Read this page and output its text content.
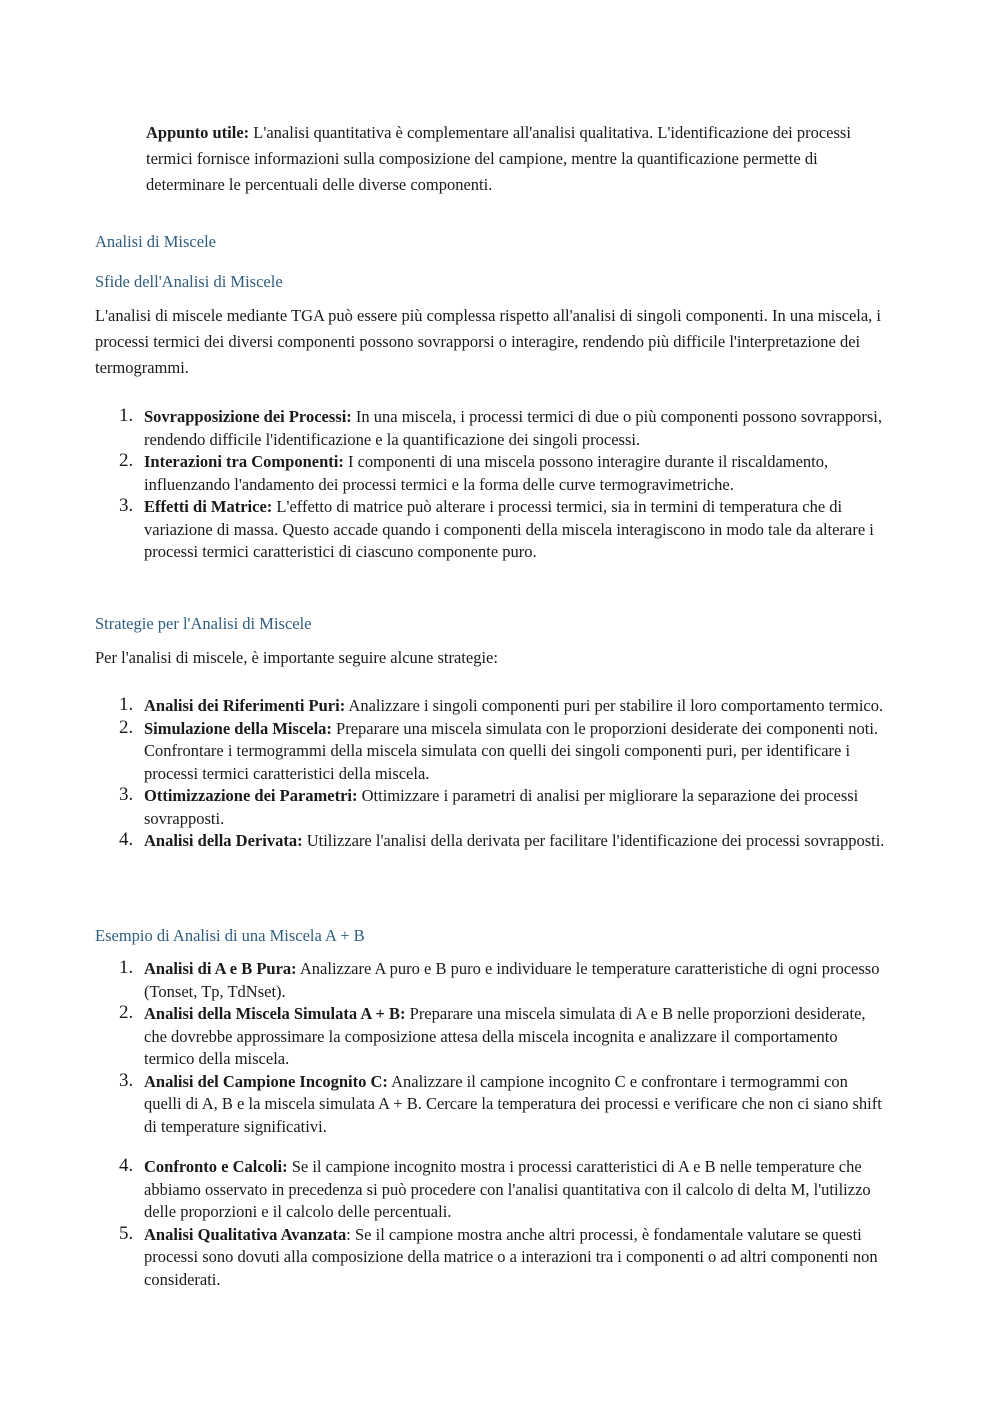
Appunto utile: L'analisi quantitativa è complementare all'analisi qualitativa. L'identificazione dei processi termici fornisce informazioni sulla composizione del campione, mentre la quantificazione permette di determinare le percentuali delle diverse componenti.
Analisi di Miscele
Sfide dell'Analisi di Miscele
L'analisi di miscele mediante TGA può essere più complessa rispetto all'analisi di singoli componenti. In una miscela, i processi termici dei diversi componenti possono sovrapporsi o interagire, rendendo più difficile l'interpretazione dei termogrammi.
1. Sovrapposizione dei Processi: In una miscela, i processi termici di due o più componenti possono sovrapporsi, rendendo difficile l'identificazione e la quantificazione dei singoli processi.
2. Interazioni tra Componenti: I componenti di una miscela possono interagire durante il riscaldamento, influenzando l'andamento dei processi termici e la forma delle curve termogravimetriche.
3. Effetti di Matrice: L'effetto di matrice può alterare i processi termici, sia in termini di temperatura che di variazione di massa. Questo accade quando i componenti della miscela interagiscono in modo tale da alterare i processi termici caratteristici di ciascuno componente puro.
Strategie per l'Analisi di Miscele
Per l'analisi di miscele, è importante seguire alcune strategie:
1. Analisi dei Riferimenti Puri: Analizzare i singoli componenti puri per stabilire il loro comportamento termico.
2. Simulazione della Miscela: Preparare una miscela simulata con le proporzioni desiderate dei componenti noti. Confrontare i termogrammi della miscela simulata con quelli dei singoli componenti puri, per identificare i processi termici caratteristici della miscela.
3. Ottimizzazione dei Parametri: Ottimizzare i parametri di analisi per migliorare la separazione dei processi sovrapposti.
4. Analisi della Derivata: Utilizzare l'analisi della derivata per facilitare l'identificazione dei processi sovrapposti.
Esempio di Analisi di una Miscela A + B
1. Analisi di A e B Pura: Analizzare A puro e B puro e individuare le temperature caratteristiche di ogni processo (Tonset, Tp, TdNset).
2. Analisi della Miscela Simulata A + B: Preparare una miscela simulata di A e B nelle proporzioni desiderate, che dovrebbe approssimare la composizione attesa della miscela incognita e analizzare il comportamento termico della miscela.
3. Analisi del Campione Incognito C: Analizzare il campione incognito C e confrontare i termogrammi con quelli di A, B e la miscela simulata A + B. Cercare la temperatura dei processi e verificare che non ci siano shift di temperature significativi.
4. Confronto e Calcoli: Se il campione incognito mostra i processi caratteristici di A e B nelle temperature che abbiamo osservato in precedenza si può procedere con l'analisi quantitativa con il calcolo di delta M, l'utilizzo delle proporzioni e il calcolo delle percentuali.
5. Analisi Qualitativa Avanzata: Se il campione mostra anche altri processi, è fondamentale valutare se questi processi sono dovuti alla composizione della matrice o a interazioni tra i componenti o ad altri componenti non considerati.
